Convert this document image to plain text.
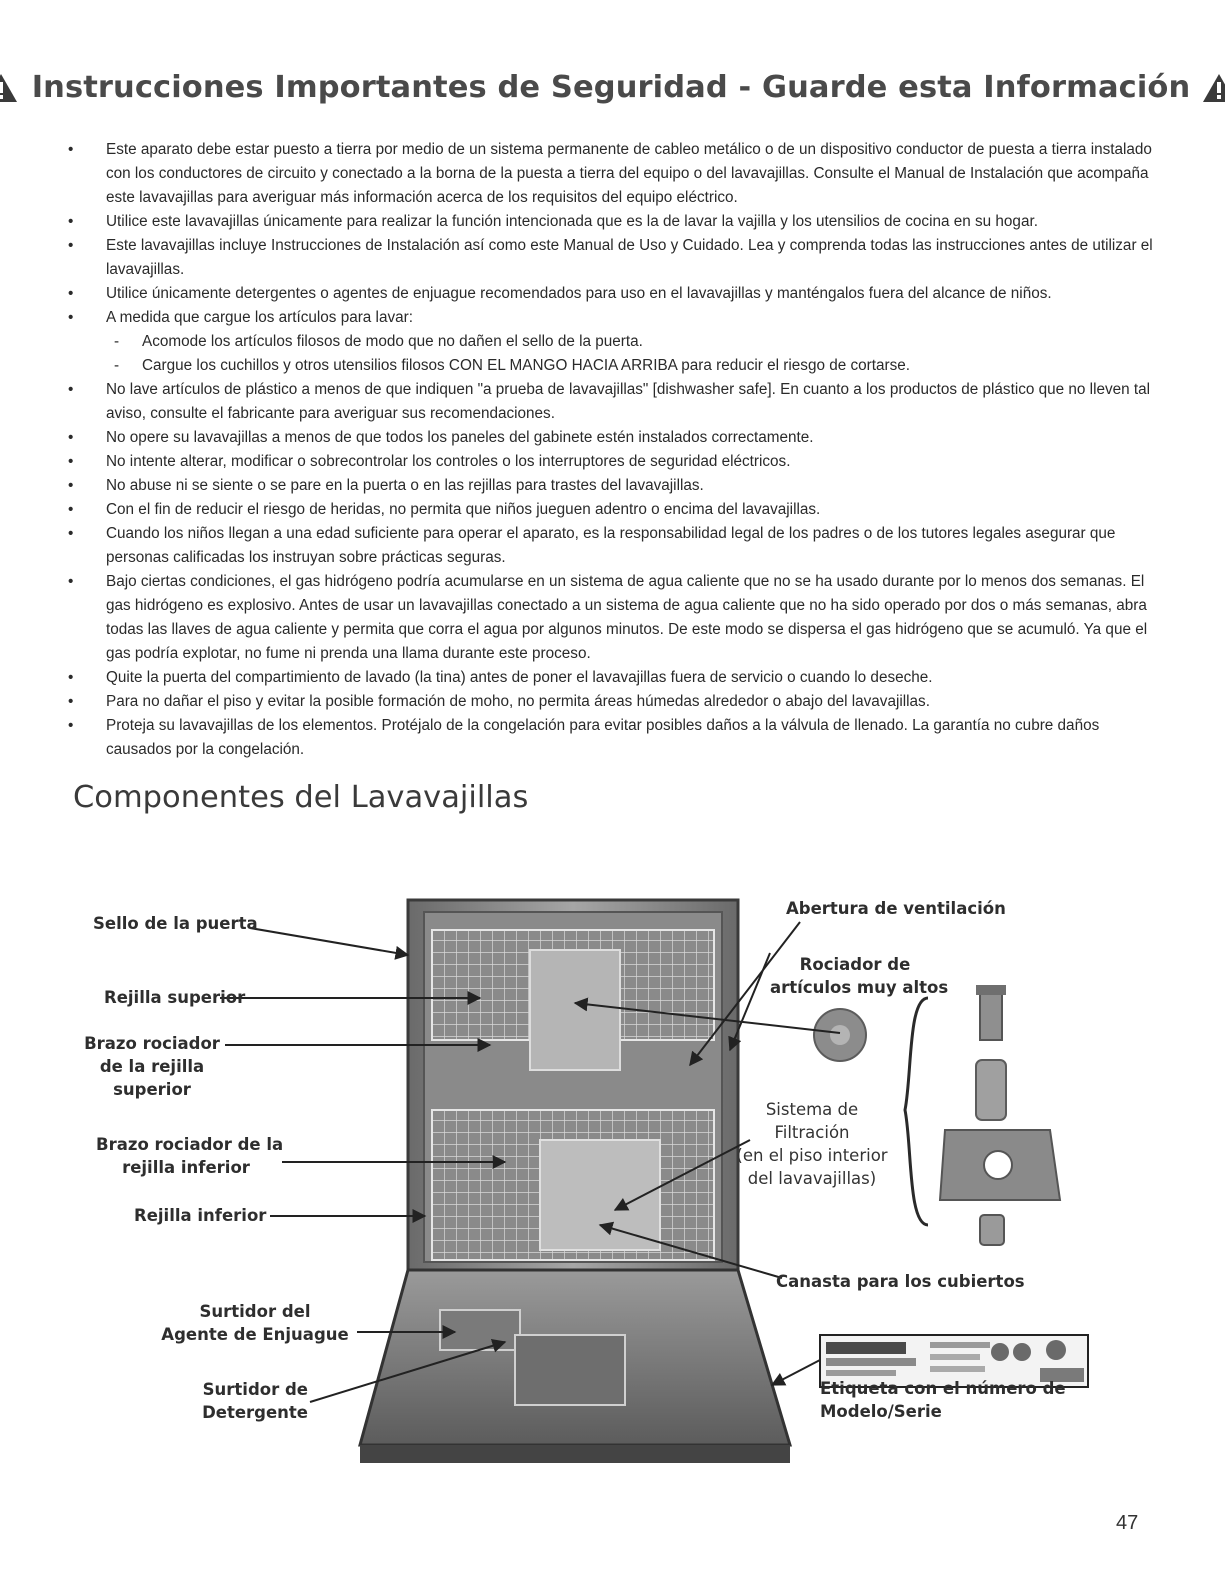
Instrucciones Importantes de Seguridad - Guarde esta Información
• Este aparato debe estar puesto a tierra por medio de un sistema permanente de cableo metálico o de un dispositivo conductor de puesta a tierra instalado con los conductores de circuito y conectado a la borna de la puesta a tierra del equipo o del lavavajillas. Consulte el Manual de Instalación que acompaña este lavavajillas para averiguar más información acerca de los requisitos del equipo eléctrico.
• Utilice este lavavajillas únicamente para realizar la función intencionada que es la de lavar la vajilla y los utensilios de cocina en su hogar.
• Este lavavajillas incluye Instrucciones de Instalación así como este Manual de Uso y Cuidado. Lea y comprenda todas las instrucciones antes de utilizar el lavavajillas.
• Utilice únicamente detergentes o agentes de enjuague recomendados para uso en el lavavajillas y manténgalos fuera del alcance de niños.
• A medida que cargue los artículos para lavar:
- Acomode los artículos filosos de modo que no dañen el sello de la puerta.
- Cargue los cuchillos y otros utensilios filosos CON EL MANGO HACIA ARRIBA para reducir el riesgo de cortarse.
• No lave artículos de plástico a menos de que indiquen "a prueba de lavavajillas" [dishwasher safe]. En cuanto a los productos de plástico que no lleven tal aviso, consulte el fabricante para averiguar sus recomendaciones.
• No opere su lavavajillas a menos de que todos los paneles del gabinete estén instalados correctamente.
• No intente alterar, modificar o sobrecontrolar los controles o los interruptores de seguridad eléctricos.
• No abuse ni se siente o se pare en la puerta o en las rejillas para trastes del lavavajillas.
• Con el fin de reducir el riesgo de heridas, no permita que niños jueguen adentro o encima del lavavajillas.
• Cuando los niños llegan a una edad suficiente para operar el aparato, es la responsabilidad legal de los padres o de los tutores legales asegurar que personas calificadas los instruyan sobre prácticas seguras.
• Bajo ciertas condiciones, el gas hidrógeno podría acumularse en un sistema de agua caliente que no se ha usado durante por lo menos dos semanas. El gas hidrógeno es explosivo. Antes de usar un lavavajillas conectado a un sistema de agua caliente que no ha sido operado por dos o más semanas, abra todas las llaves de agua caliente y permita que corra el agua por algunos minutos. De este modo se dispersa el gas hidrógeno que se acumuló. Ya que el gas podría explotar, no fume ni prenda una llama durante este proceso.
• Quite la puerta del compartimiento de lavado (la tina) antes de poner el lavavajillas fuera de servicio o cuando lo deseche.
• Para no dañar el piso y evitar la posible formación de moho, no permita áreas húmedas alrededor o abajo del lavavajillas.
• Proteja su lavavajillas de los elementos. Protéjalo de la congelación para evitar posibles daños a la válvula de llenado. La garantía no cubre daños causados por la congelación.
Componentes del Lavavajillas
Sello de la puerta
Rejilla superior
Brazo rociador
de la rejilla
superior
Brazo rociador de la
rejilla inferior
Rejilla inferior
Surtidor del
Agente de Enjuague
Surtidor de
Detergente
Abertura de ventilación
Rociador de
artículos muy altos
Sistema de
Filtración
(en el piso interior
del lavavajillas)
Canasta para los cubiertos
Etiqueta con el número de
Modelo/Serie
47
